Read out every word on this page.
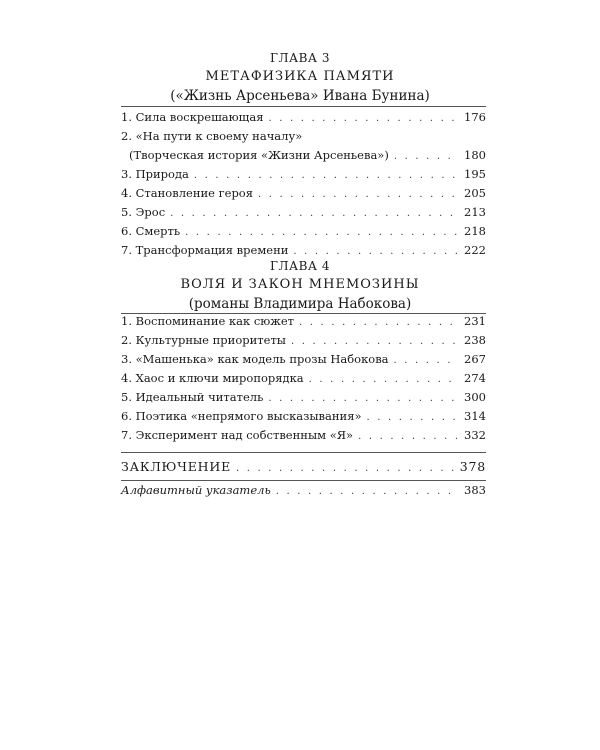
ГЛАВА 3
МЕТАФИЗИКА ПАМЯТИ
(«Жизнь Арсеньева» Ивана Бунина)
1. Сила воскрешающая . . .	176
2. «На пути к своему началу»
(Творческая история «Жизни Арсеньева») . . .	180
3. Природа . . .	195
4. Становление героя . . .	205
5. Эрос . . .	213
6. Смерть . . .	218
7. Трансформация времени . . .	222
ГЛАВА 4
ВОЛЯ И ЗАКОН МНЕМОЗИНЫ
(романы Владимира Набокова)
1. Воспоминание как сюжет . . .	231
2. Культурные приоритеты . . .	238
3. «Машенька» как модель прозы Набокова . . .	267
4. Хаос и ключи миропорядка . . .	274
5. Идеальный читатель . . .	300
6. Поэтика «непрямого высказывания» . . .	314
7. Эксперимент над собственным «Я» . . .	332
ЗАКЛЮЧЕНИЕ . . .	378
Алфавитный указатель . . .	383
